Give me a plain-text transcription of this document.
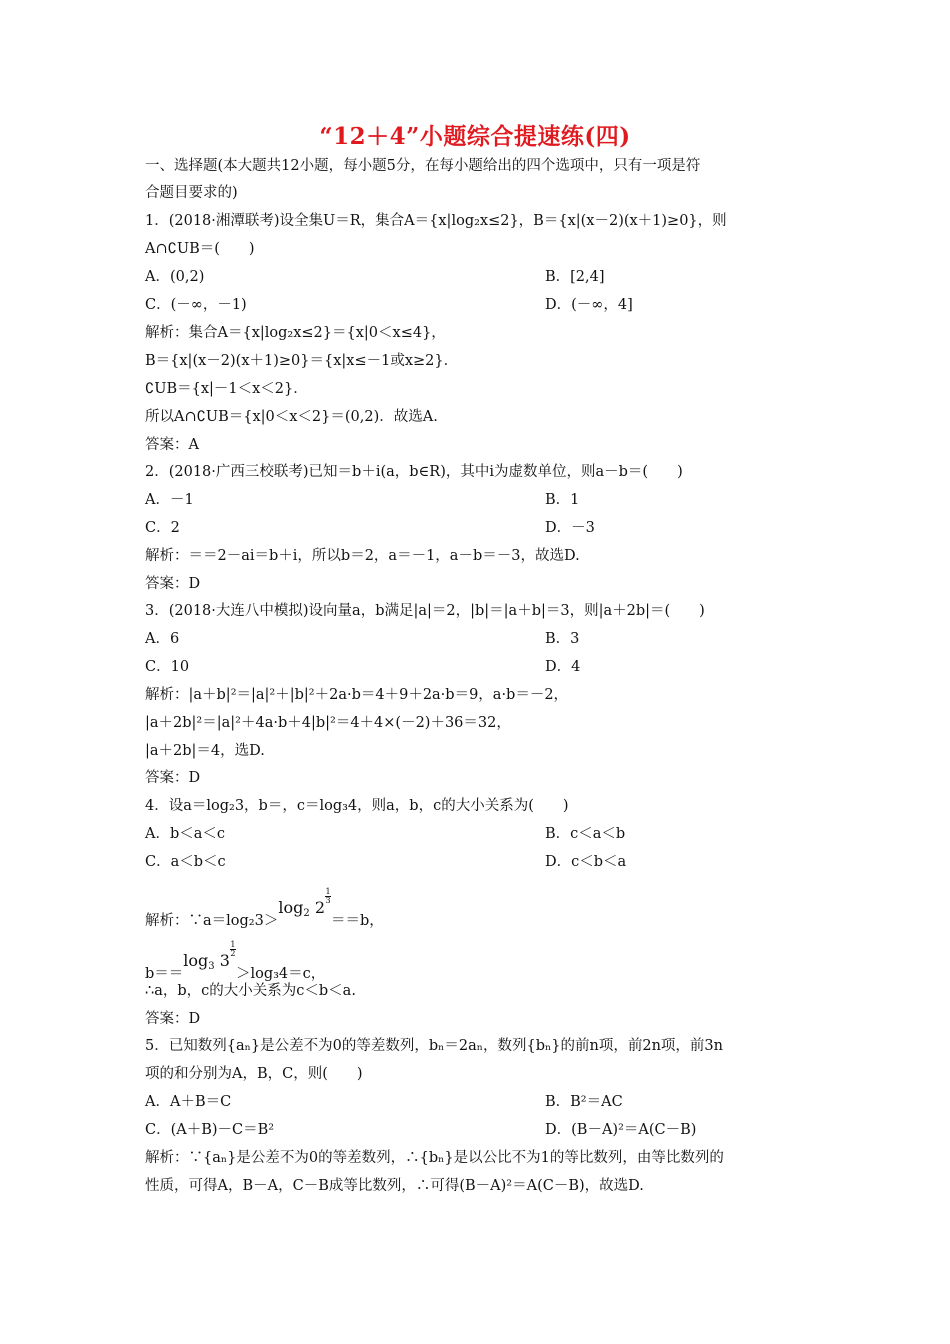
“12＋4”小题综合提速练(四)
一、选择题(本大题共12小题，每小题5分，在每小题给出的四个选项中，只有一项是符
合题目要求的)
1．(2018·湘潭联考)设全集U＝R，集合A＝{x|log₂x≤2}，B＝{x|(x－2)(x＋1)≥0}，则
A∩∁UB＝(　　)
A．(0,2)	B．[2,4]
C．(－∞，－1)	D．(－∞，4]
解析：集合A＝{x|log₂x≤2}＝{x|0＜x≤4}，
B＝{x|(x－2)(x＋1)≥0}＝{x|x≤－1或x≥2}．
∁UB＝{x|－1＜x＜2}．
所以A∩∁UB＝{x|0＜x＜2}＝(0,2)．故选A.
答案：A
2．(2018·广西三校联考)已知＝b＋i(a，b∈R)，其中i为虚数单位，则a－b＝(　　)
A．－1	B．1
C．2	D．－3
解析：＝＝2－ai＝b＋i，所以b＝2，a＝－1，a－b＝－3，故选D.
答案：D
3．(2018·大连八中模拟)设向量a，b满足|a|＝2，|b|＝|a＋b|＝3，则|a＋2b|＝(　　)
A．6	B．3
C．10	D．4
解析：|a＋b|²＝|a|²＋|b|²＋2a·b＝4＋9＋2a·b＝9，a·b＝－2，
|a＋2b|²＝|a|²＋4a·b＋4|b|²＝4＋4×(－2)＋36＝32，
|a＋2b|＝4，选D.
答案：D
4．设a＝log₂3，b＝，c＝log₃4，则a，b，c的大小关系为(　　)
A．b＜a＜c	B．c＜a＜b
C．a＜b＜c	D．c＜b＜a
解析：$\because a=\log_23>\log_2$ 2
$\frac{1}{3}$
＝＝b，
$b==\log_3$ 3
$\frac{1}{2}$
＞log₃4＝c，
∴a，b，c的大小关系为c＜b＜a.
答案：D
5．已知数列{aₙ}是公差不为0的等差数列，bₙ＝2aₙ，数列{bₙ}的前n项，前2n项，前3n
项的和分别为A，B，C，则(　　)
A．A＋B＝C	B．B²＝AC
C．(A＋B)－C＝B²	D．(B－A)²＝A(C－B)
解析：∵{aₙ}是公差不为0的等差数列，∴{bₙ}是以公比不为1的等比数列，由等比数列的
性质，可得A，B－A，C－B成等比数列，∴可得(B－A)²＝A(C－B)，故选D.
